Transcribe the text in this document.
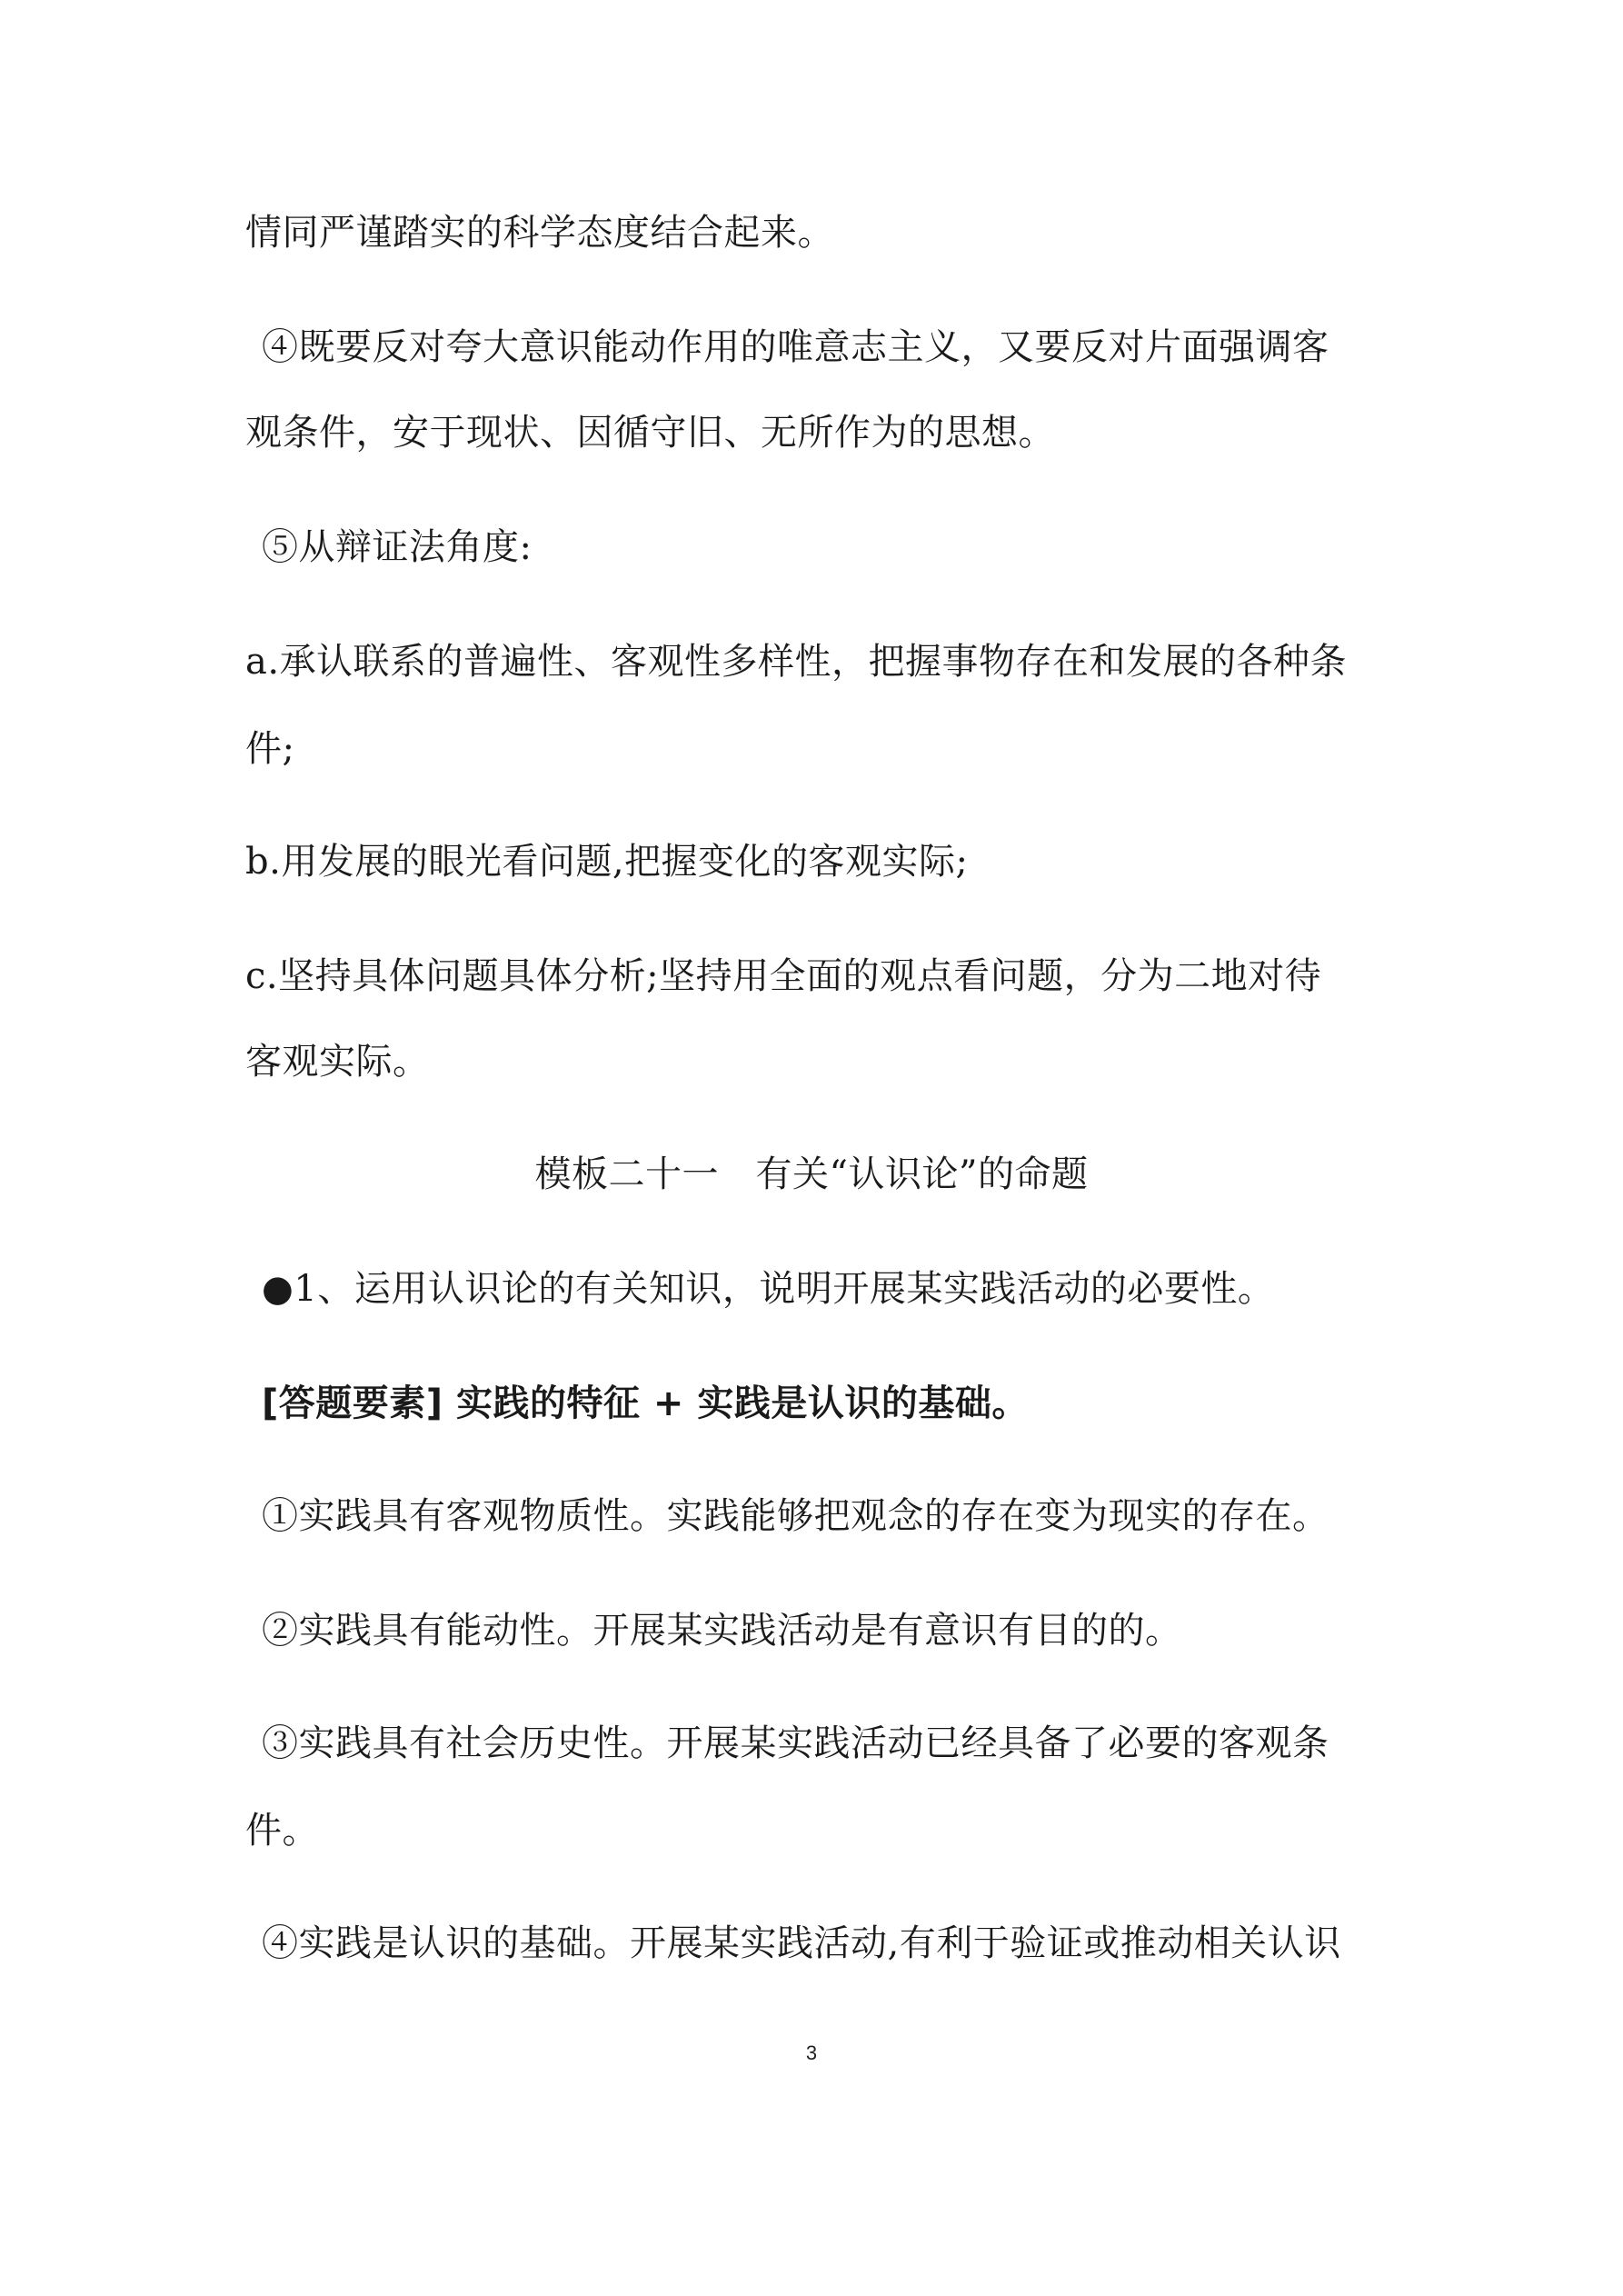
情同严谨踏实的科学态度结合起来。
④既要反对夸大意识能动作用的唯意志主义，又要反对片面强调客
观条件，安于现状、因循守旧、无所作为的思想。
⑤从辩证法角度:
a.承认联系的普遍性、客观性多样性，把握事物存在和发展的各种条
件;
b.用发展的眼光看问题,把握变化的客观实际;
c.坚持具体问题具体分析;坚持用全面的观点看问题，分为二地对待
客观实际。
模板二十一　有关“认识论”的命题
●1、运用认识论的有关知识，说明开展某实践活动的必要性。
[答题要素] 实践的特征 + 实践是认识的基础。
①实践具有客观物质性。实践能够把观念的存在变为现实的存在。
②实践具有能动性。开展某实践活动是有意识有目的的。
③实践具有社会历史性。开展某实践活动已经具备了必要的客观条
件。
④实践是认识的基础。开展某实践活动,有利于验证或推动相关认识
3
